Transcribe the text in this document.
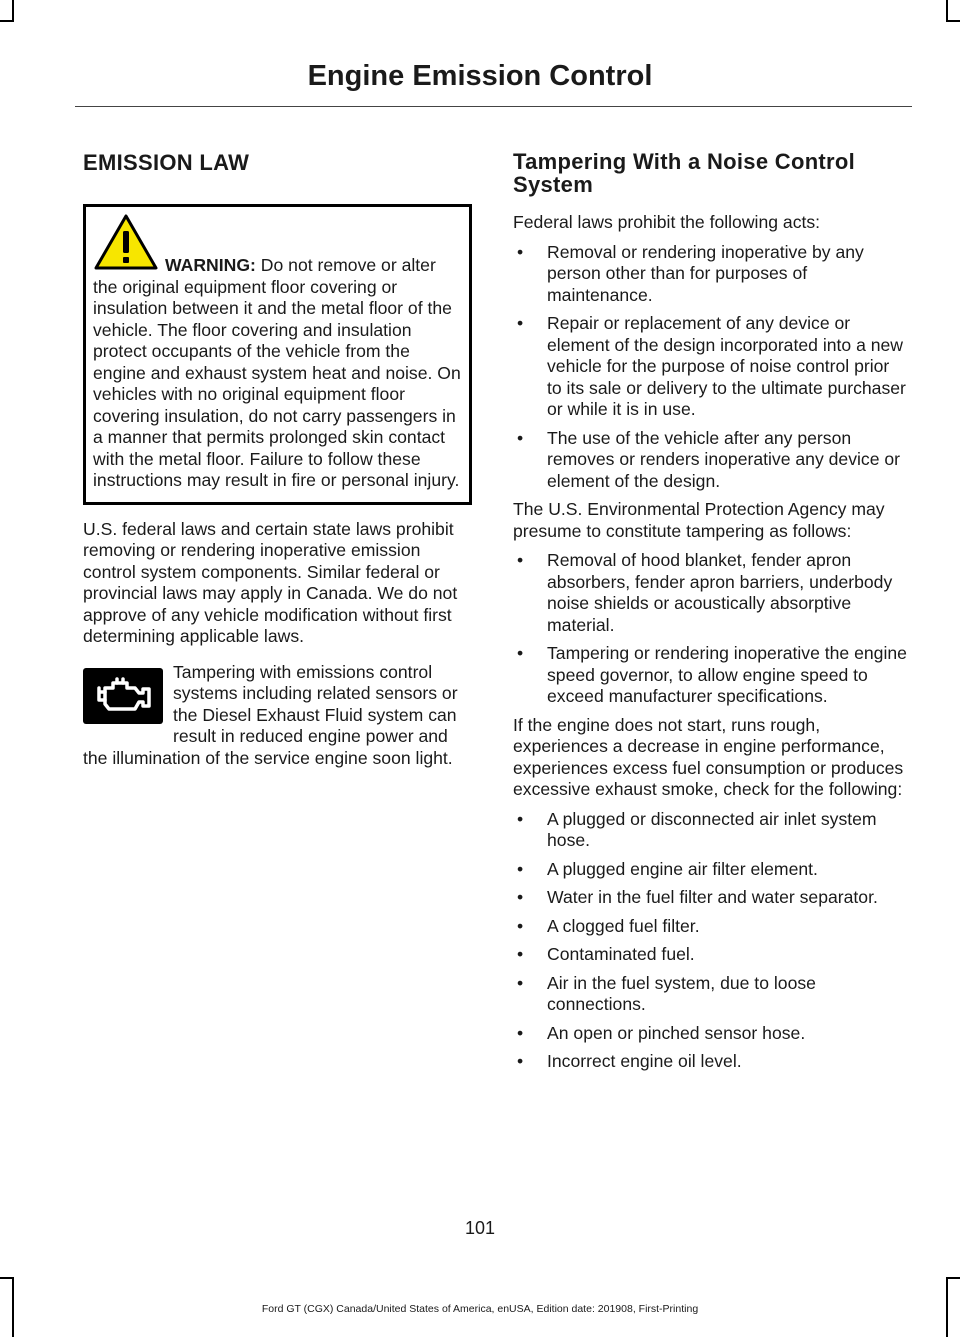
Engine Emission Control
EMISSION LAW

WARNING: Do not remove or alter the original equipment floor covering or insulation between it and the metal floor of the vehicle. The floor covering and insulation protect occupants of the vehicle from the engine and exhaust system heat and noise. On vehicles with no original equipment floor covering insulation, do not carry passengers in a manner that permits prolonged skin contact with the metal floor. Failure to follow these instructions may result in fire or personal injury.

U.S. federal laws and certain state laws prohibit removing or rendering inoperative emission control system components. Similar federal or provincial laws may apply in Canada. We do not approve of any vehicle modification without first determining applicable laws.

Tampering with emissions control systems including related sensors or the Diesel Exhaust Fluid system can result in reduced engine power and the illumination of the service engine soon light.

Tampering With a Noise Control System

Federal laws prohibit the following acts:

• Removal or rendering inoperative by any person other than for purposes of maintenance.
• Repair or replacement of any device or element of the design incorporated into a new vehicle for the purpose of noise control prior to its sale or delivery to the ultimate purchaser or while it is in use.
• The use of the vehicle after any person removes or renders inoperative any device or element of the design.

The U.S. Environmental Protection Agency may presume to constitute tampering as follows:

• Removal of hood blanket, fender apron absorbers, fender apron barriers, underbody noise shields or acoustically absorptive material.
• Tampering or rendering inoperative the engine speed governor, to allow engine speed to exceed manufacturer specifications.

If the engine does not start, runs rough, experiences a decrease in engine performance, experiences excess fuel consumption or produces excessive exhaust smoke, check for the following:

• A plugged or disconnected air inlet system hose.
• A plugged engine air filter element.
• Water in the fuel filter and water separator.
• A clogged fuel filter.
• Contaminated fuel.
• Air in the fuel system, due to loose connections.
• An open or pinched sensor hose.
• Incorrect engine oil level.

101

Ford GT (CGX) Canada/United States of America, enUSA, Edition date: 201908, First-Printing
